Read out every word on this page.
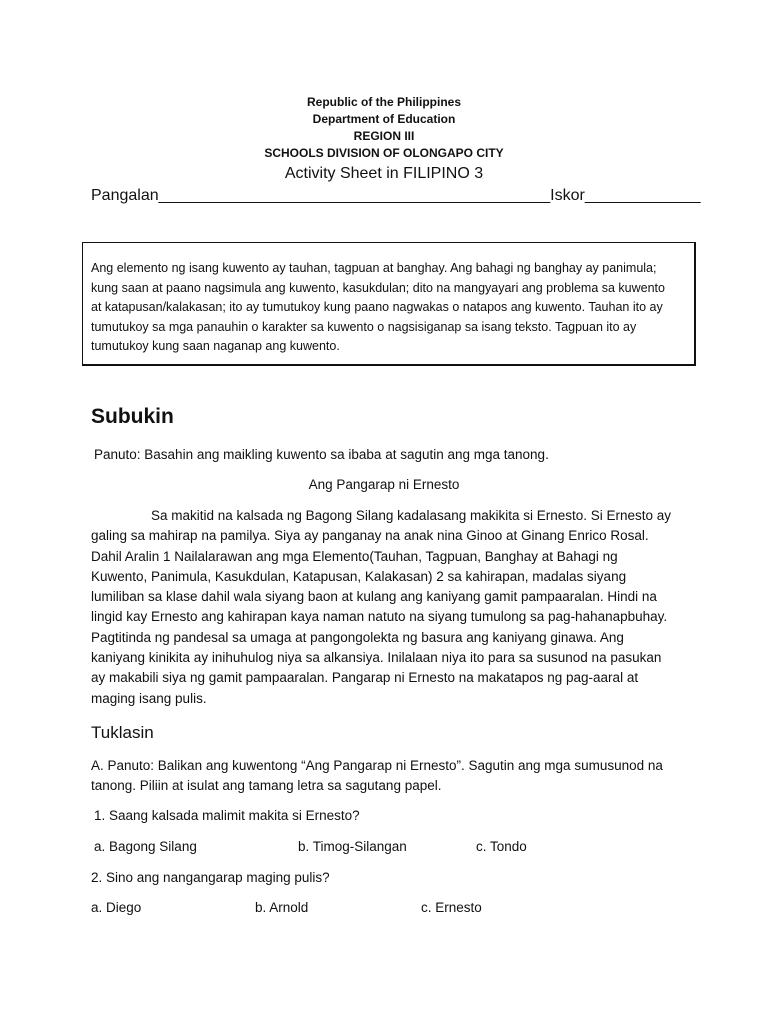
Republic of the Philippines
Department of Education
REGION III
SCHOOLS DIVISION OF OLONGAPO CITY
Activity Sheet in FILIPINO 3
Pangalan____________________________________________Iskor_____________
Ang elemento ng isang kuwento ay tauhan, tagpuan at banghay. Ang bahagi ng banghay ay panimula;
kung saan at paano nagsimula ang kuwento, kasukdulan; dito na mangyayari ang problema sa kuwento
at katapusan/kalakasan; ito ay tumutukoy kung paano nagwakas o natapos ang kuwento. Tauhan ito ay
tumutukoy sa mga panauhin o karakter sa kuwento o nagsisiganap sa isang teksto. Tagpuan ito ay
tumutukoy kung saan naganap ang kuwento.
Subukin
Panuto: Basahin ang maikling kuwento sa ibaba at sagutin ang mga tanong.
Ang Pangarap ni Ernesto
Sa makitid na kalsada ng Bagong Silang kadalasang makikita si Ernesto. Si Ernesto ay
galing sa mahirap na pamilya. Siya ay panganay na anak nina Ginoo at Ginang Enrico Rosal.
Dahil Aralin 1 Nailalarawan ang mga Elemento(Tauhan, Tagpuan, Banghay at Bahagi ng
Kuwento, Panimula, Kasukdulan, Katapusan, Kalakasan) 2 sa kahirapan, madalas siyang
lumiliban sa klase dahil wala siyang baon at kulang ang kaniyang gamit pampaaralan. Hindi na
lingid kay Ernesto ang kahirapan kaya naman natuto na siyang tumulong sa pag-hahanapbuhay.
Pagtitinda ng pandesal sa umaga at pangongolekta ng basura ang kaniyang ginawa. Ang
kaniyang kinikita ay inihuhulog niya sa alkansiya. Inilalaan niya ito para sa susunod na pasukan
ay makabili siya ng gamit pampaaralan. Pangarap ni Ernesto na makatapos ng pag-aaral at
maging isang pulis.
Tuklasin
A. Panuto: Balikan ang kuwentong “Ang Pangarap ni Ernesto”. Sagutin ang mga sumusunod na
tanong. Piliin at isulat ang tamang letra sa sagutang papel.
1. Saang kalsada malimit makita si Ernesto?
a. Bagong Silang	b. Timog-Silangan	c. Tondo
2. Sino ang nangangarap maging pulis?
a. Diego	b. Arnold	c. Ernesto
